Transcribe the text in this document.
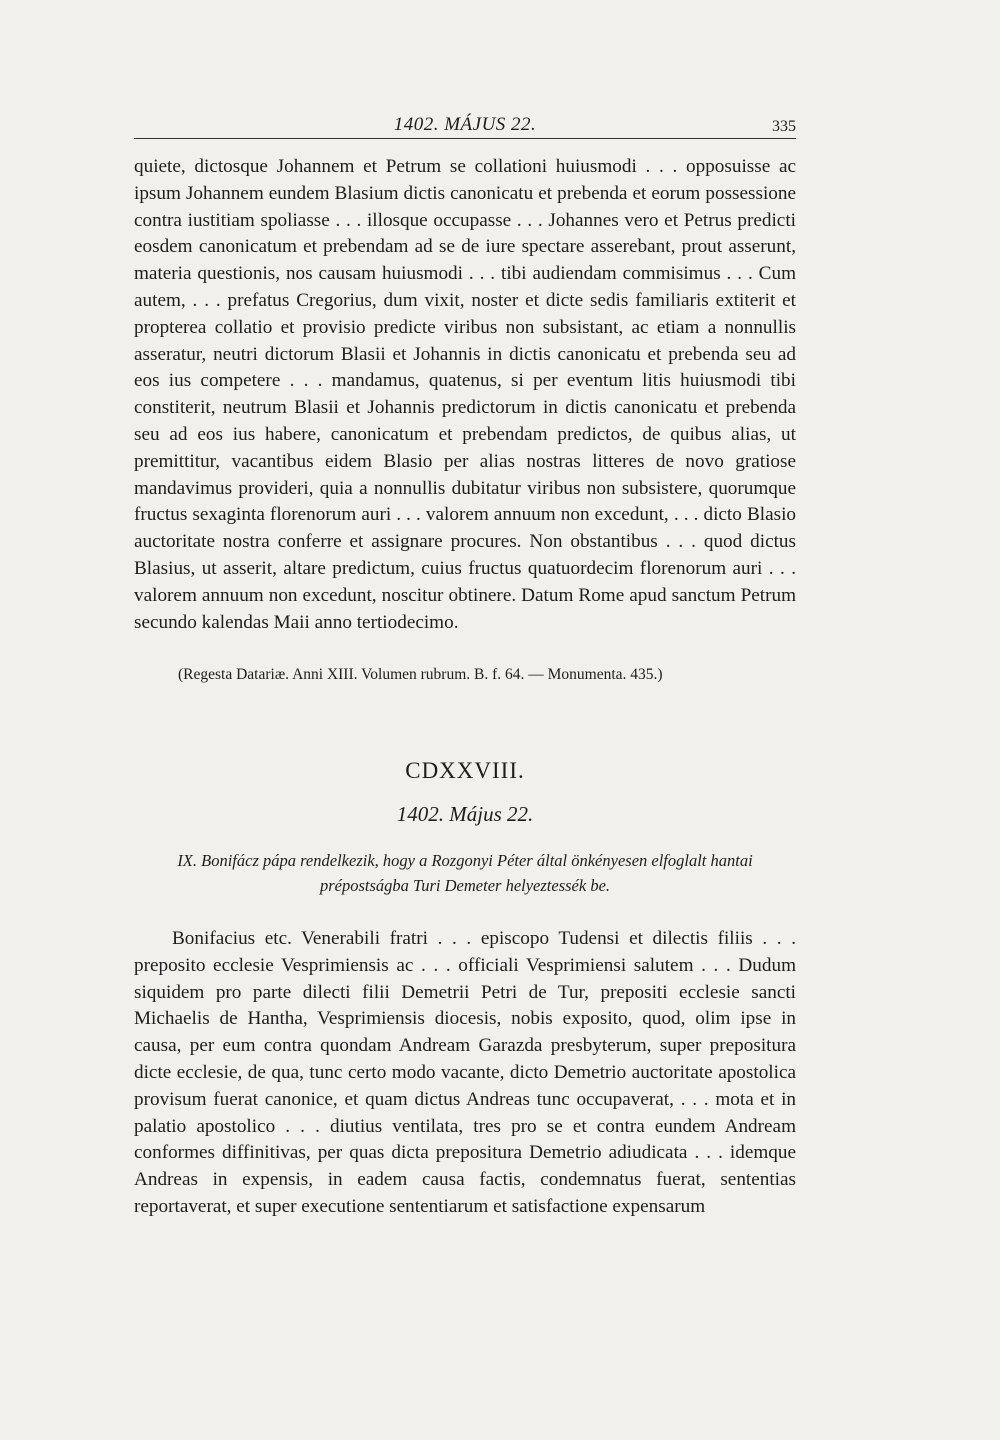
1402. MÁJUS 22.	335

quiete, dictosque Johannem et Petrum se collationi huiusmodi . . . opposuisse ac ipsum Johannem eundem Blasium dictis canonicatu et prebenda et eorum possessione contra iustitiam spoliasse . . . illosque occupasse . . . Johannes vero et Petrus predicti eosdem canonicatum et prebendam ad se de iure spectare asserebant, prout asserunt, materia questionis, nos causam huiusmodi . . . tibi audiendam commisimus . . . Cum autem, . . . prefatus Cregorius, dum vixit, noster et dicte sedis familiaris extiterit et propterea collatio et provisio predicte viribus non subsistant, ac etiam a nonnullis asseratur, neutri dictorum Blasii et Johannis in dictis canonicatu et prebenda seu ad eos ius competere . . . mandamus, quatenus, si per eventum litis huiusmodi tibi constiterit, neutrum Blasii et Johannis predictorum in dictis canonicatu et prebenda seu ad eos ius habere, canonicatum et prebendam predictos, de quibus alias, ut premittitur, vacantibus eidem Blasio per alias nostras litteres de novo gratiose mandavimus provideri, quia a nonnullis dubitatur viribus non subsistere, quorumque fructus sexaginta florenorum auri . . . valorem annuum non excedunt, . . . dicto Blasio auctoritate nostra conferre et assignare procures. Non obstantibus . . . quod dictus Blasius, ut asserit, altare predictum, cuius fructus quatuordecim florenorum auri . . . valorem annuum non excedunt, noscitur obtinere. Datum Rome apud sanctum Petrum secundo kalendas Maii anno tertiodecimo.

(Regesta Datariæ. Anni XIII. Volumen rubrum. B. f. 64. — Monumenta. 435.)
CDXXVIII.
1402. Május 22.
IX. Bonifácz pápa rendelkezik, hogy a Rozgonyi Péter által önkényesen elfoglalt hantai prépostságba Turi Demeter helyeztessék be.

Bonifacius etc. Venerabili fratri . . . episcopo Tudensi et dilectis filiis . . . preposito ecclesie Vesprimiensis ac . . . officiali Vesprimiensi salutem . . . Dudum siquidem pro parte dilecti filii Demetrii Petri de Tur, prepositi ecclesie sancti Michaelis de Hantha, Vesprimiensis diocesis, nobis exposito, quod, olim ipse in causa, per eum contra quondam Andream Garazda presbyterum, super prepositura dicte ecclesie, de qua, tunc certo modo vacante, dicto Demetrio auctoritate apostolica provisum fuerat canonice, et quam dictus Andreas tunc occupaverat, . . . mota et in palatio apostolico . . . diutius ventilata, tres pro se et contra eundem Andream conformes diffinitivas, per quas dicta prepositura Demetrio adiudicata . . . idemque Andreas in expensis, in eadem causa factis, condemnatus fuerat, sententias reportaverat, et super executione sententiarum et satisfactione expensarum
